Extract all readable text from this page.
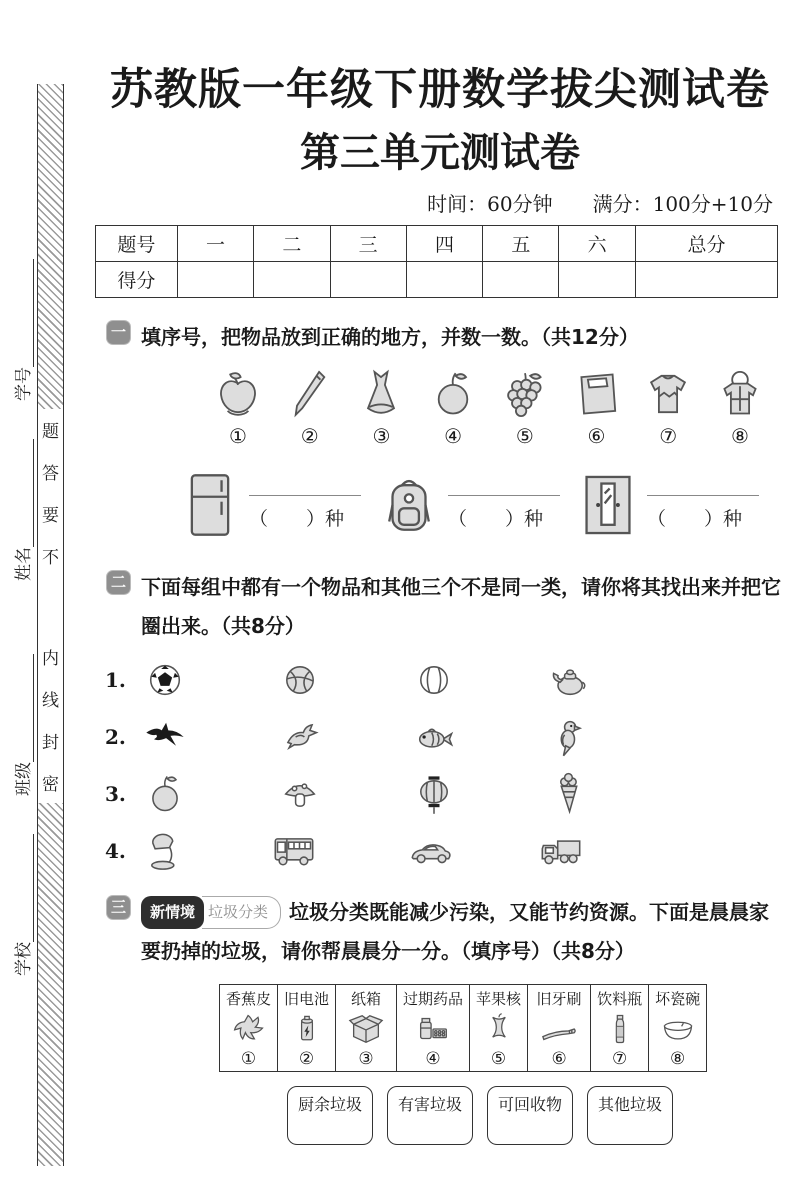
学校
班级
姓名
学号
题
答
要
不
内
线
封
密
苏教版一年级下册数学拔尖测试卷
第三单元测试卷
时间：60分钟　　满分：100分+10分
题号	一	二	三	四	五	六	总分
得分							
一 填序号，把物品放到正确的地方，并数一数。（共12分）
①	②	③	④	⑤	⑥	⑦	⑧
（　　）种	（　　）种	（　　）种
二 下面每组中都有一个物品和其他三个不是同一类，请你将其找出来并把它圈出来。（共8分）
1.
2.
3.
4.
三	新情境 垃圾分类 垃圾分类既能减少污染，又能节约资源。下面是晨晨家要扔掉的垃圾，请你帮晨晨分一分。（填序号）（共8分）
香蕉皮
①

旧电池
②

纸箱
③

过期药品
④

苹果核
⑤

旧牙刷
⑥

饮料瓶
⑦

坏瓷碗
⑧
厨余垃圾	有害垃圾	可回收物	其他垃圾
